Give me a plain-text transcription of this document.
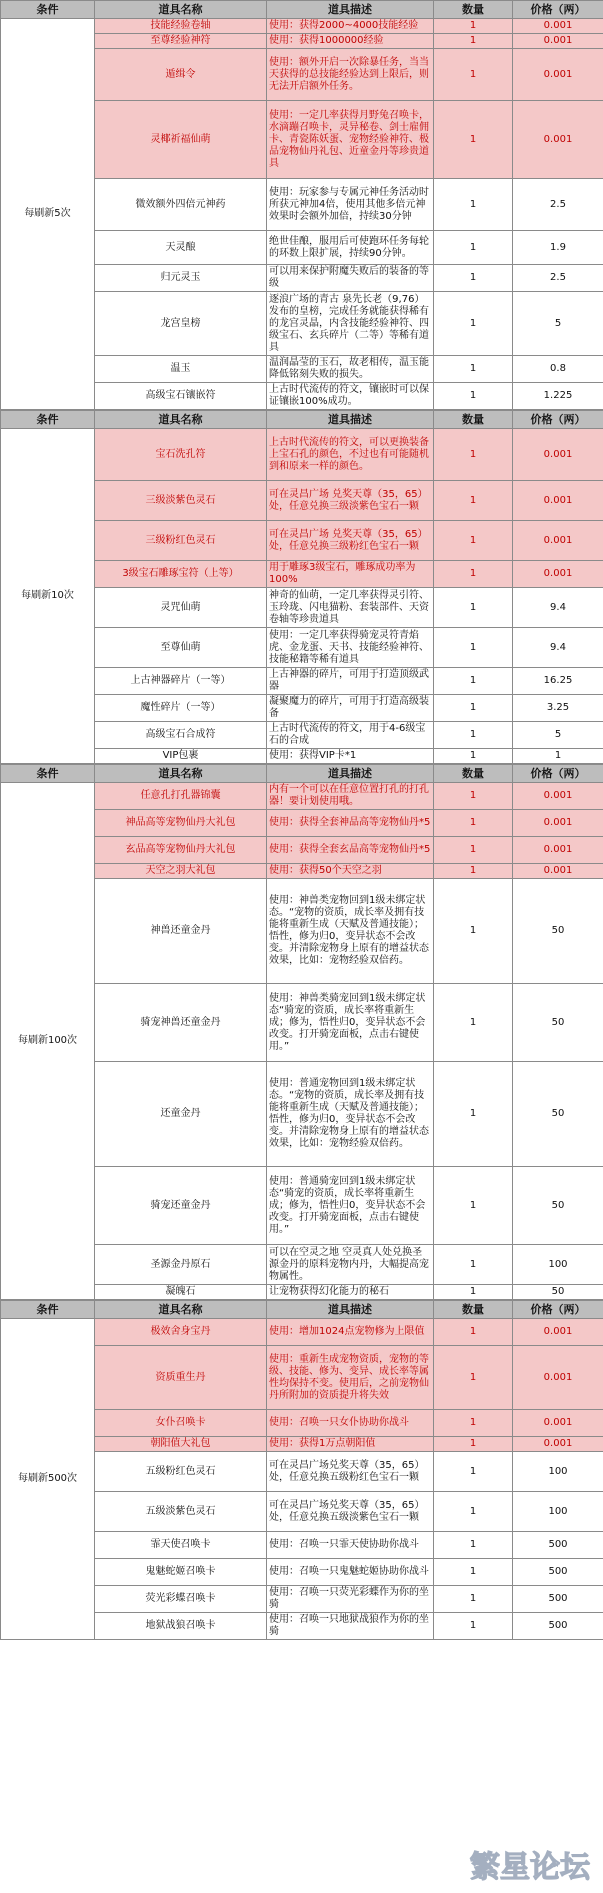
条件	道具名称	道具描述	数量	价格（两）
每刷新5次	技能经验卷轴	使用：获得2000~4000技能经验	1	0.001
	至尊经验神符	使用：获得1000000经验	1	0.001
	遁缉令	使用：额外开启一次除暴任务，当当天获得的总技能经验达到上限后，则无法开启额外任务。	1	0.001
	灵椰祈福仙萌	使用：一定几率获得月野兔召唤卡，水滴蹦召唤卡，灵异秘卷、剑士雇佣卡、青瓷陈妖蛋、宠物经验神符、极品宠物仙丹礼包、近童金丹等珍贵道具	1	0.001
	微效额外四倍元神药	使用：玩家参与专属元神任务活动时所获元神加4倍，使用其他多倍元神效果时会额外加倍，持续30分钟	1	2.5
	天灵酿	绝世佳酿，服用后可使跑环任务每轮的环数上限扩展，持续90分钟。	1	1.9
	归元灵玉	可以用来保护附魔失败后的装备的等级	1	2.5
	龙宫皇榜	逐浪广场的青古 泉先长老（9,76）发布的皇榜，完成任务就能获得稀有的龙宫灵晶，内含技能经验神符、四级宝石、玄兵碎片（二等）等稀有道具	1	5
	温玉	温润晶莹的玉石，故老相传，温玉能降低铭刻失败的损失。	1	0.8
	高级宝石镶嵌符	上古时代流传的符文，镶嵌时可以保证镶嵌100%成功。	1	1.225
条件	道具名称	道具描述	数量	价格（两）
每刷新10次	宝石洗孔符	上古时代流传的符文，可以更换装备上宝石孔的颜色，不过也有可能随机到和原来一样的颜色。	1	0.001
	三级淡紫色灵石	可在灵昌广场 兑奖天尊（35，65）处，任意兑换三级淡紫色宝石一颗	1	0.001
	三级粉红色灵石	可在灵昌广场 兑奖天尊（35，65）处，任意兑换三级粉红色宝石一颗	1	0.001
	3级宝石雕琢宝符（上等）	用于雕琢3级宝石，雕琢成功率为100%	1	0.001
	灵咒仙萌	神奇的仙萌，一定几率获得灵引符、玉玲珑、闪电猫粉、套装部件、天资卷轴等珍贵道具	1	9.4
	至尊仙萌	使用：一定几率获得骑宠灵符青焰虎、金龙蛋、天书、技能经验神符、技能秘籍等稀有道具	1	9.4
	上古神器碎片（一等）	上古神器的碎片，可用于打造顶级武器	1	16.25
	魔性碎片（一等）	凝聚魔力的碎片，可用于打造高级装备	1	3.25
	高级宝石合成符	上古时代流传的符文，用于4-6级宝石的合成	1	5
	VIP包裹	使用：获得VIP卡*1	1	1
条件	道具名称	道具描述	数量	价格（两）
每刷新100次	任意孔打孔器锦囊	内有一个可以在任意位置打孔的打孔器！要计划使用哦。	1	0.001
	神品高等宠物仙丹大礼包	使用：获得全套神品高等宠物仙丹*5	1	0.001
	玄品高等宠物仙丹大礼包	使用：获得全套玄品高等宠物仙丹*5	1	0.001
	天空之羽大礼包	使用：获得50个天空之羽	1	0.001
	神兽还童金丹	使用：神兽类宠物回到1级未绑定状态。“宠物的资质，成长率及拥有技能将重新生成（天赋及普通技能）；悟性，修为归0，变异状态不会改变。并清除宠物身上原有的增益状态效果，比如：宠物经验双倍药。	1	50
	骑宠神兽还童金丹	使用：神兽类骑宠回到1级未绑定状态“骑宠的资质，成长率将重新生成；修为，悟性归0，变异状态不会改变。打开骑宠面板，点击右键使用。”	1	50
	还童金丹	使用：普通宠物回到1级未绑定状态。“宠物的资质，成长率及拥有技能将重新生成（天赋及普通技能）；悟性，修为归0，变异状态不会改变。并清除宠物身上原有的增益状态效果，比如：宠物经验双倍药。	1	50
	骑宠还童金丹	使用：普通骑宠回到1级未绑定状态“骑宠的资质，成长率将重新生成；修为，悟性归0，变异状态不会改变。打开骑宠面板，点击右键使用。”	1	50
	圣源金丹原石	可以在空灵之地 空灵真人处兑换圣源金丹的原料宠物内丹，大幅提高宠物属性。	1	100
	凝魄石	让宠物获得幻化能力的秘石	1	50
条件	道具名称	道具描述	数量	价格（两）
每刷新500次	极效舍身宝丹	使用：增加1024点宠物修为上限值	1	0.001
	资质重生丹	使用：重新生成宠物资质，宠物的等级、技能、修为、变异、成长率等属性均保持不变。使用后，之前宠物仙丹所附加的资质提升将失效	1	0.001
	女仆召唤卡	使用：召唤一只女仆协助你战斗	1	0.001
	朝阳值大礼包	使用：获得1万点朝阳值	1	0.001
	五级粉红色灵石	可在灵昌广场兑奖天尊（35，65）处，任意兑换五级粉红色宝石一颗	1	100
	五级淡紫色灵石	可在灵昌广场兑奖天尊（35，65）处，任意兑换五级淡紫色宝石一颗	1	100
	霏天使召唤卡	使用：召唤一只霏天使协助你战斗	1	500
	鬼魅蛇姬召唤卡	使用：召唤一只鬼魅蛇姬协助你战斗	1	500
	荧光彩蝶召唤卡	使用：召唤一只荧光彩蝶作为你的坐骑	1	500
	地狱战狼召唤卡	使用：召唤一只地狱战狼作为你的坐骑	1	500
繁星论坛
